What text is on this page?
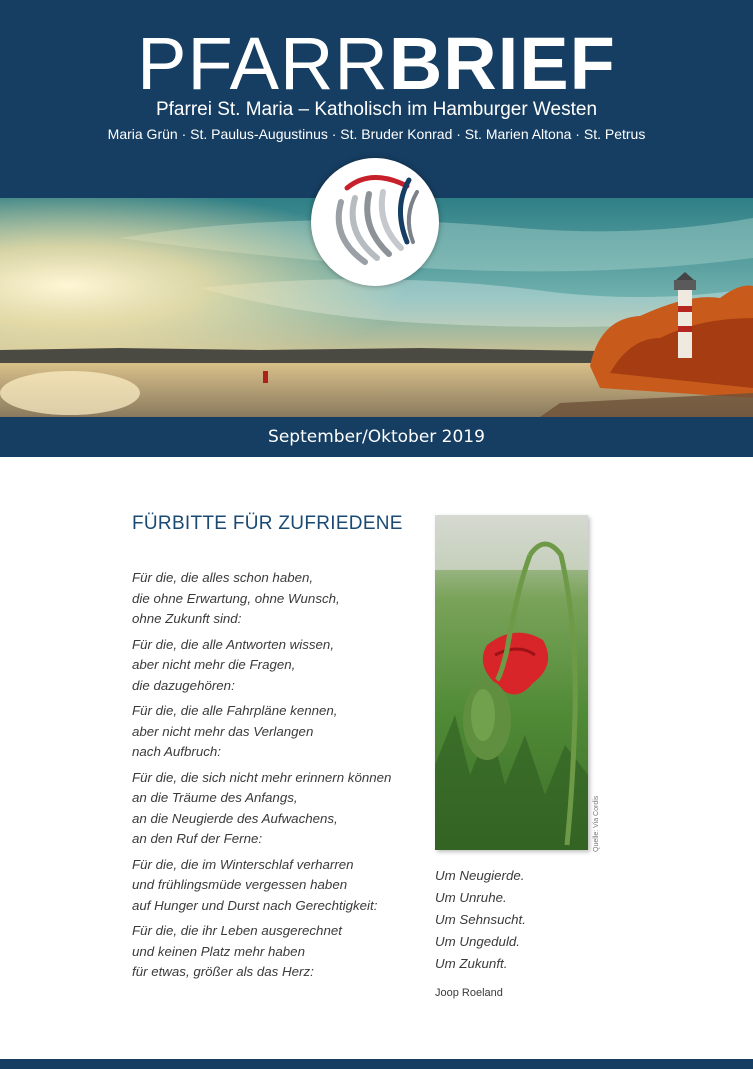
PFARRBRIEF
Pfarrei St. Maria – Katholisch im Hamburger Westen
Maria Grün · St. Paulus-Augustinus · St. Bruder Konrad · St. Marien Altona · St. Petrus
September/Oktober 2019
FÜRBITTE FÜR ZUFRIEDENE
Für die, die alles schon haben,
die ohne Erwartung, ohne Wunsch,
ohne Zukunft sind:
Für die, die alle Antworten wissen,
aber nicht mehr die Fragen,
die dazugehören:
Für die, die alle Fahrpläne kennen,
aber nicht mehr das Verlangen
nach Aufbruch:
Für die, die sich nicht mehr erinnern können
an die Träume des Anfangs,
an die Neugierde des Aufwachens,
an den Ruf der Ferne:
Für die, die im Winterschlaf verharren
und frühlingsmüde vergessen haben
auf Hunger und Durst nach Gerechtigkeit:
Für die, die ihr Leben ausgerechnet
und keinen Platz mehr haben
für etwas, größer als das Herz:
Quelle: Via Cordis
Um Neugierde.
Um Unruhe.
Um Sehnsucht.
Um Ungeduld.
Um Zukunft.
Joop Roeland
